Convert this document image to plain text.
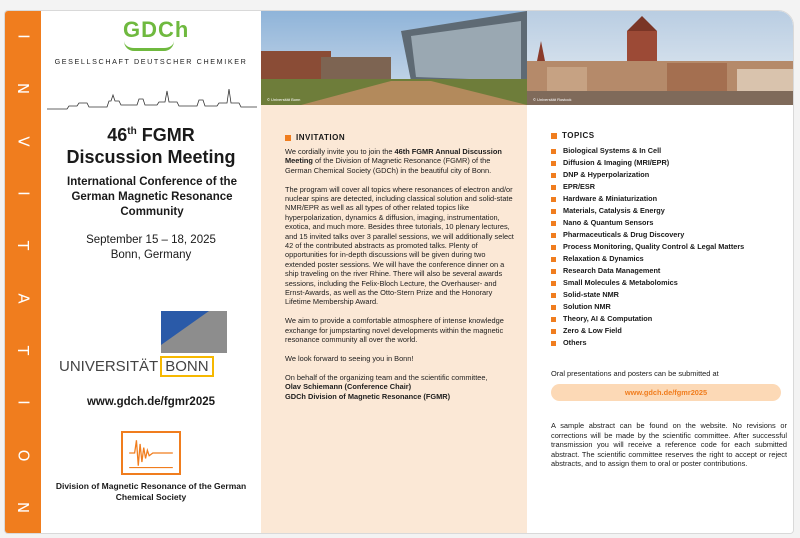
I
N
V
I
T
A
T
I
O
N
GDCh
GESELLSCHAFT DEUTSCHER CHEMIKER
46th FGMR
Discussion Meeting
International Conference of the German Magnetic Resonance Community
September 15 – 18, 2025
Bonn, Germany
UNIVERSITÄT BONN
www.gdch.de/fgmr2025
Division of Magnetic Resonance of the German Chemical Society
© Universität Bonn
INVITATION

We cordially invite you to join the 46th FGMR Annual Discussion Meeting of the Division of Magnetic Resonance (FGMR) of the German Chemical Society (GDCh) in the beautiful city of Bonn.

The program will cover all topics where resonances of electron and/or nuclear spins are detected, including classical solution and solid-state NMR/EPR as well as all types of other related topics like hyperpolarization, dynamics & diffusion, imaging, instrumentation, exotica, and much more. Besides three tutorials, 10 plenary lectures, and 15 invited talks over 3 parallel sessions, we will additionally select 42 of the contributed abstracts as promoted talks. Plenty of opportunities for in-depth discussions will be given during two extended poster sessions. We will have the conference dinner on a ship traveling on the river Rhine. There will also be several awards sessions, including the Felix-Bloch Lecture, the Overhauser- and Ernst-Awards, as well as the Otto-Stern Prize and the Honorary Lifetime Membership Award.

We aim to provide a comfortable atmosphere of intense knowledge exchange for jumpstarting novel developments within the magnetic resonance community all over the world.

We look forward to seeing you in Bonn!

On behalf of the organizing team and the scientific committee,
Olav Schiemann (Conference Chair)
GDCh Division of Magnetic Resonance (FGMR)
© Universität Rostock
TOPICS
Biological Systems & In Cell
Diffusion & Imaging (MRI/EPR)
DNP & Hyperpolarization
EPR/ESR
Hardware & Miniaturization
Materials, Catalysis & Energy
Nano & Quantum Sensors
Pharmaceuticals & Drug Discovery
Process Monitoring, Quality Control & Legal Matters
Relaxation & Dynamics
Research Data Management
Small Molecules & Metabolomics
Solid-state NMR
Solution NMR
Theory, AI & Computation
Zero & Low Field
Others
Oral presentations and posters can be submitted at
www.gdch.de/fgmr2025
A sample abstract can be found on the website. No revisions or corrections will be made by the scientific committee. After successful transmission you will receive a reference code for each submitted abstract. The scientific committee reserves the right to accept or reject abstracts, and to assign them to oral or poster contributions.
